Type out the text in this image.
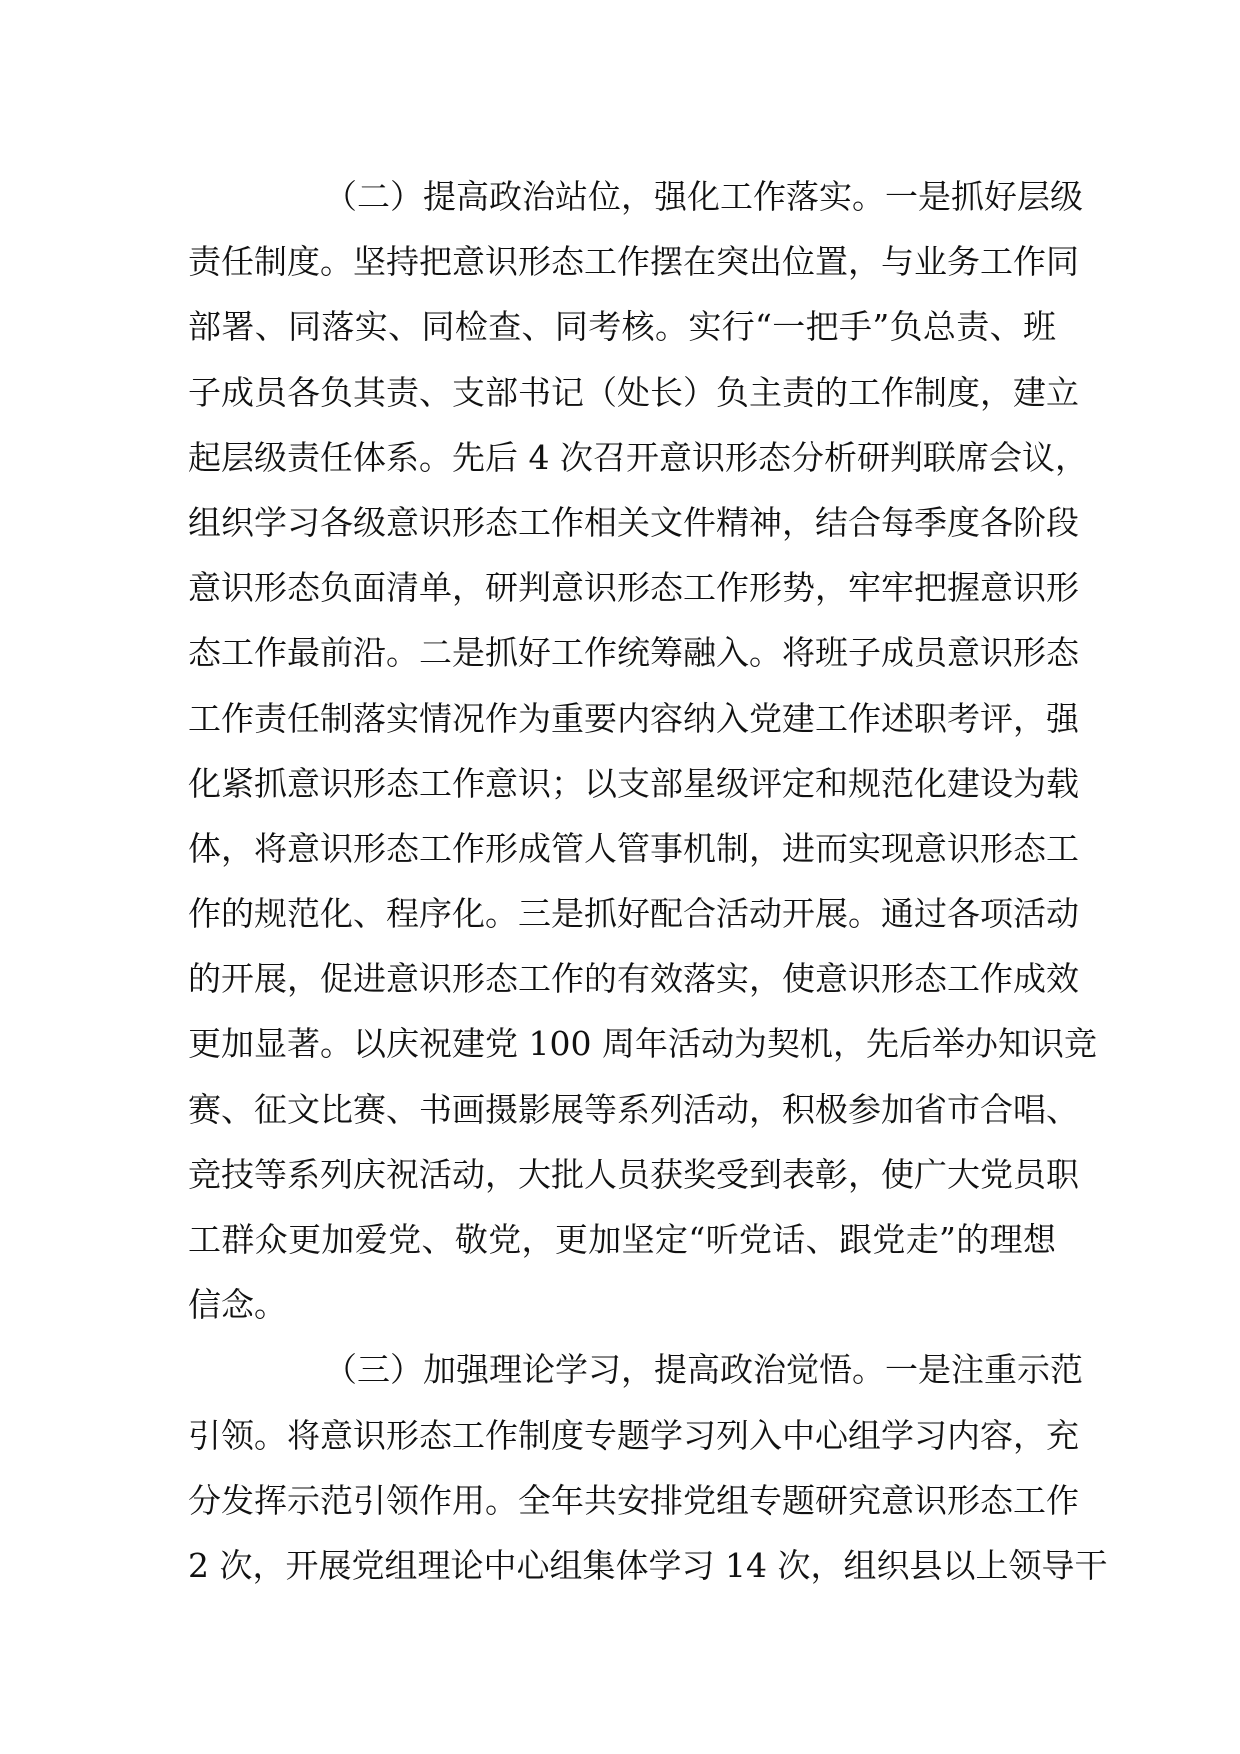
（二）提高政治站位，强化工作落实。一是抓好层级
责任制度。坚持把意识形态工作摆在突出位置，与业务工作同
部署、同落实、同检查、同考核。实行“一把手”负总责、班
子成员各负其责、支部书记（处长）负主责的工作制度，建立
起层级责任体系。先后 4 次召开意识形态分析研判联席会议，
组织学习各级意识形态工作相关文件精神，结合每季度各阶段
意识形态负面清单，研判意识形态工作形势，牢牢把握意识形
态工作最前沿。二是抓好工作统筹融入。将班子成员意识形态
工作责任制落实情况作为重要内容纳入党建工作述职考评，强
化紧抓意识形态工作意识；以支部星级评定和规范化建设为载
体，将意识形态工作形成管人管事机制，进而实现意识形态工
作的规范化、程序化。三是抓好配合活动开展。通过各项活动
的开展，促进意识形态工作的有效落实，使意识形态工作成效
更加显著。以庆祝建党 100 周年活动为契机，先后举办知识竞
赛、征文比赛、书画摄影展等系列活动，积极参加省市合唱、
竞技等系列庆祝活动，大批人员获奖受到表彰，使广大党员职
工群众更加爱党、敬党，更加坚定“听党话、跟党走”的理想
信念。
（三）加强理论学习，提高政治觉悟。一是注重示范
引领。将意识形态工作制度专题学习列入中心组学习内容，充
分发挥示范引领作用。全年共安排党组专题研究意识形态工作
2 次，开展党组理论中心组集体学习 14 次，组织县以上领导干
